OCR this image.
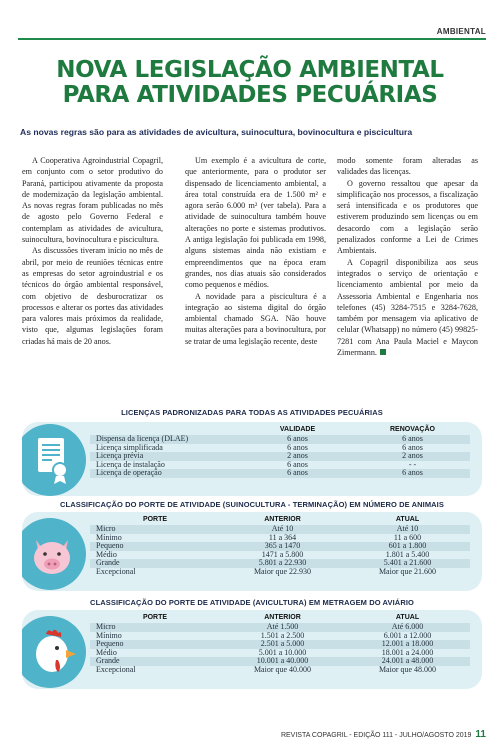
AMBIENTAL
NOVA LEGISLAÇÃO AMBIENTAL
PARA ATIVIDADES PECUÁRIAS
As novas regras são para as atividades de avicultura, suinocultura, bovinocultura e piscicultura

A Cooperativa Agroindustrial Copagril, em conjunto com o setor produtivo do Paraná, participou ativamente da proposta de modernização da legislação ambiental. As novas regras foram publicadas no mês de agosto pelo Governo Federal e contemplam as atividades de avicultura, suinocultura, bovinocultura e piscicultura.

As discussões tiveram início no mês de abril, por meio de reuniões técnicas entre as empresas do setor agroindustrial e os técnicos do órgão ambiental responsável, com objetivo de desburocratizar os processos e alterar os portes das atividades para valores mais próximos da realidade, visto que, algumas legislações foram criadas há mais de 20 anos.

Um exemplo é a avicultura de corte, que anteriormente, para o produtor ser dispensado de licenciamento ambiental, a área total construída era de 1.500 m² e agora serão 6.000 m² (ver tabela). Para a atividade de suinocultura também houve alterações no porte e sistemas produtivos. A antiga legislação foi publicada em 1998, alguns sistemas ainda não existiam e empreendimentos que na época eram grandes, nos dias atuais são considerados como pequenos e médios.

A novidade para a piscicultura é a integração ao sistema digital do órgão ambiental chamado SGA. Não houve muitas alterações para a bovinocultura, por se tratar de uma legislação recente, deste

modo somente foram alteradas as validades das licenças.

O governo ressaltou que apesar da simplificação nos processos, a fiscalização será intensificada e os produtores que estiverem produzindo sem licenças ou em desacordo com a legislação serão penalizados conforme a Lei de Crimes Ambientais.

A Copagril disponibiliza aos seus integrados o serviço de orientação e licenciamento ambiental por meio da Assessoria Ambiental e Engenharia nos telefones (45) 3284-7515 e 3284-7628, também por mensagem via aplicativo de celular (Whatsapp) no número (45) 99825-7281 com Ana Paula Maciel e Maycon Zimermann.

LICENÇAS PADRONIZADAS PARA TODAS AS ATIVIDADES PECUÁRIAS
	VALIDADE	RENOVAÇÃO
Dispensa da licença (DLAE)	6 anos	6 anos
Licença simplificada	6 anos	6 anos
Licença prévia	2 anos	2 anos
Licença de instalação	6 anos	- -
Licença de operação	6 anos	6 anos
CLASSIFICAÇÃO DO PORTE DE ATIVIDADE (SUINOCULTURA - TERMINAÇÃO) EM NÚMERO DE ANIMAIS
PORTE	ANTERIOR	ATUAL
Micro	Até 10	Até 10
Mínimo	11 a 364	11 a 600
Pequeno	365 a 1470	601 a 1.800
Médio	1471 a 5.800	1.801 a 5.400
Grande	5.801 a 22.930	5.401 a 21.600
Excepcional	Maior que 22.930	Maior que 21.600
CLASSIFICAÇÃO DO PORTE DE ATIVIDADE (AVICULTURA) EM METRAGEM DO AVIÁRIO
PORTE	ANTERIOR	ATUAL
Micro	Até 1.500	Até 6.000
Mínimo	1.501 a 2.500	6.001 a 12.000
Pequeno	2.501 a 5.000	12.001 a 18.000
Médio	5.001 a 10.000	18.001 a 24.000
Grande	10.001 a 40.000	24.001 a 48.000
Excepcional	Maior que 40.000	Maior que 48.000
REVISTA COPAGRIL - EDIÇÃO 111 - JULHO/AGOSTO 2019 11
